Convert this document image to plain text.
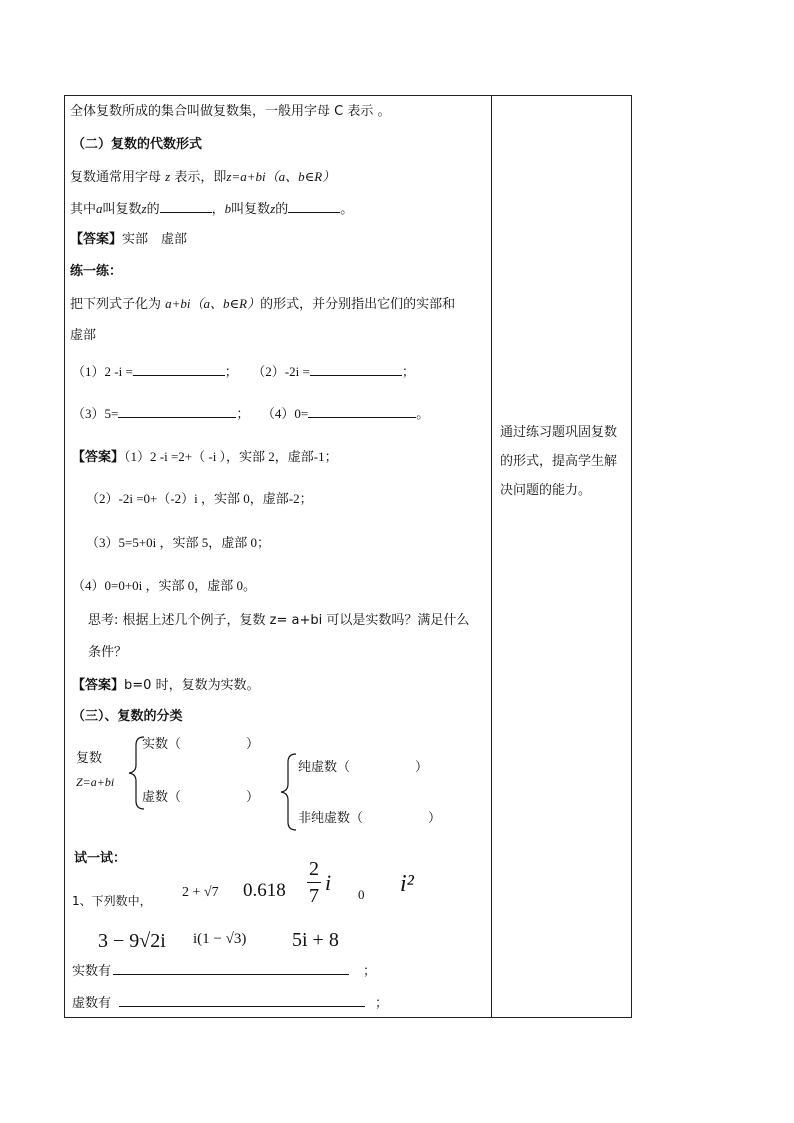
全体复数所成的集合叫做复数集，一般用字母 C 表示 。
（二）复数的代数形式
复数通常用字母 z 表示，即z=a+bi（a、b∈R）
其中a叫复数z的	，b叫复数z的	。
【答案】实部　虚部
练一练：
把下列式子化为 a+bi（a、b∈R）的形式，并分别指出它们的实部和
虚部
（1）2 -i =	； （2）-2i =	；
（3）5=	； （4）0=	。
【答案】（1）2 -i =2+（ -i ），实部 2，虚部-1；
（2）-2i =0+（-2）i ，实部 0，虚部-2；
（3）5=5+0i ，实部 5，虚部 0；
（4）0=0+0i ，实部 0，虚部 0。
思考: 根据上述几个例子，复数 z= a+bi 可以是实数吗？满足什么
条件？
【答案】b=0 时，复数为实数。
（三）、复数的分类
复数
Z=a+bi
实数（　　　　　）
虚数（　　　　　）
纯虚数（　　　　　）
非纯虚数（　　　　　）
试一试：
1、下列数中，
2 + √7 0.618
2
7
i 0 i²
3 − 9√2i i(1 − √3) 5i + 8
实数有	；
虚数有	；
通过练习题巩固复数的形式，提高学生解决问题的能力。
